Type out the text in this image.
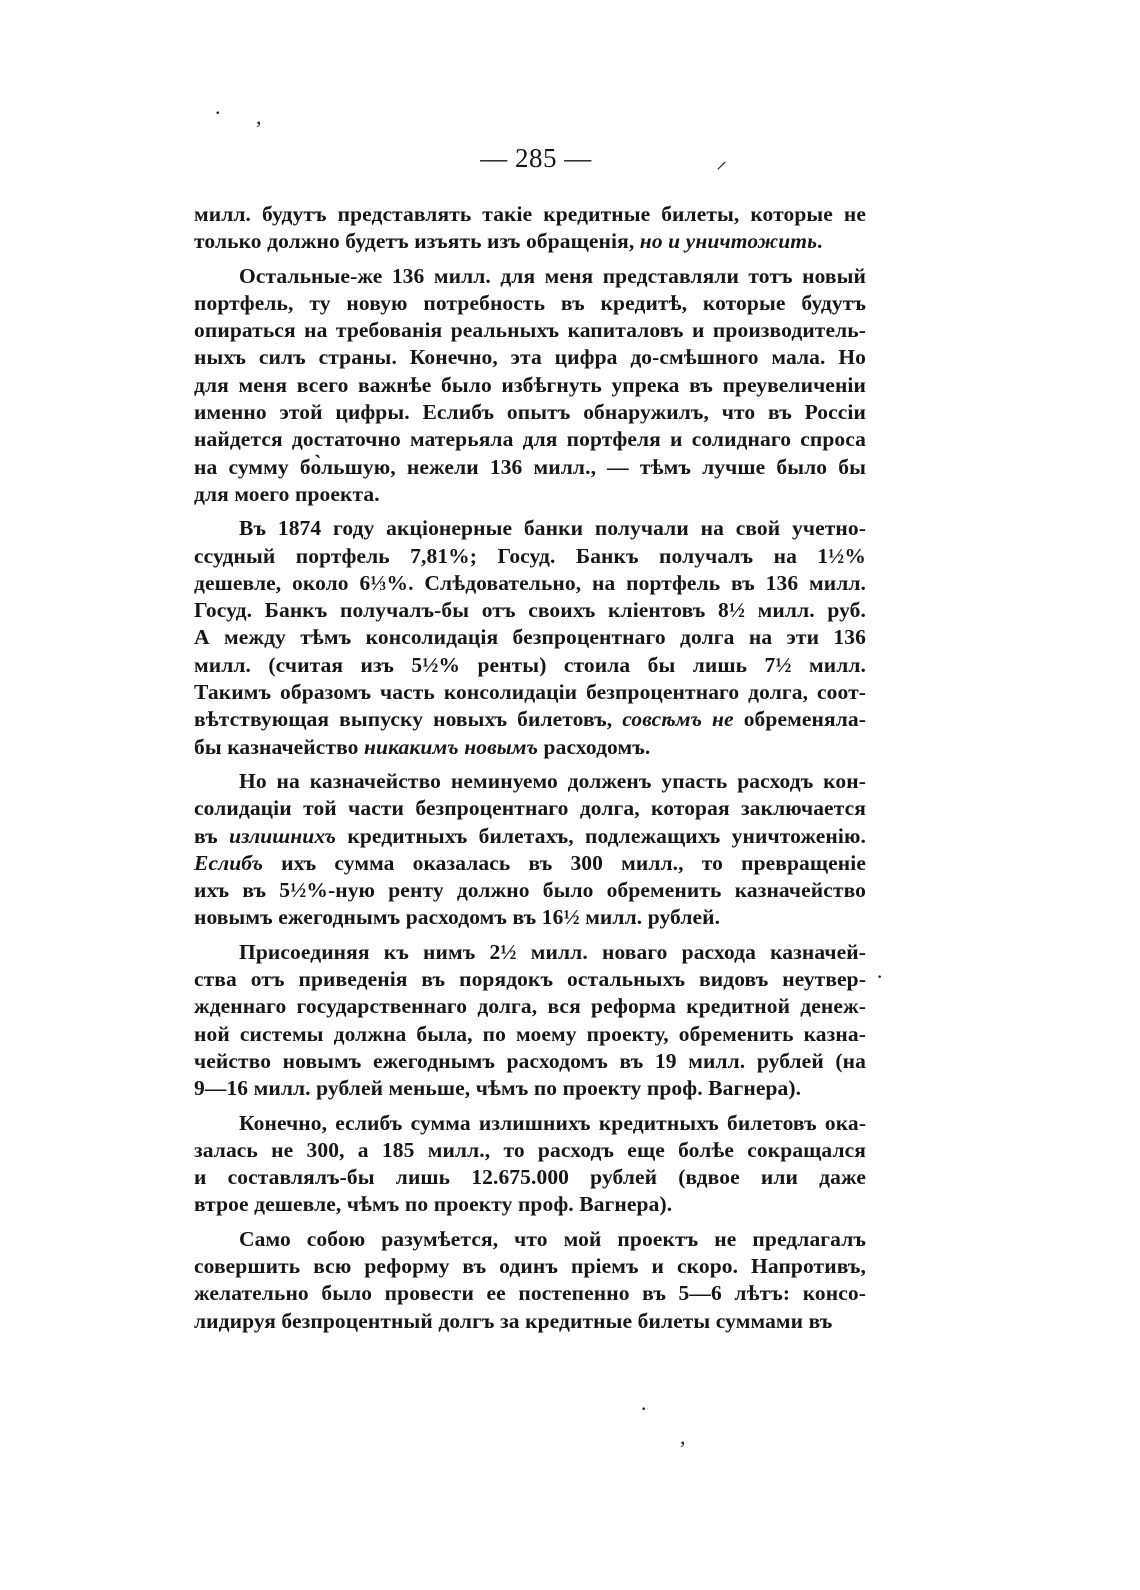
— 285 —
. ,
⸝
·
·
,
милл. будутъ представлять такіе кредитные билеты, которые не
только должно будетъ изъять изъ обращенія, но и уничтожить.
Остальные-же 136 милл. для меня представляли тотъ новый
портфель, ту новую потребность въ кредитѣ, которые будутъ
опираться на требованія реальныхъ капиталовъ и производитель-
ныхъ силъ страны. Конечно, эта цифра до-смѣшного мала. Но
для меня всего важнѣе было избѣгнуть упрека въ преувеличеніи
именно этой цифры. Еслибъ опытъ обнаружилъ, что въ Россіи
найдется достаточно матерьяла для портфеля и солиднаго спроса
на сумму бо̀льшую, нежели 136 милл., — тѣмъ лучше было бы
для моего проекта.
Въ 1874 году акціонерные банки получали на свой учетно-
ссудный портфель 7,81%; Госуд. Банкъ получалъ на 1½%
дешевле, около 6⅓%. Слѣдовательно, на портфель въ 136 милл.
Госуд. Банкъ получалъ-бы отъ своихъ кліентовъ 8½ милл. руб.
А между тѣмъ консолидація безпроцентнаго долга на эти 136
милл. (считая изъ 5½% ренты) стоила бы лишь 7½ милл.
Такимъ образомъ часть консолидаціи безпроцентнаго долга, соот-
вѣтствующая выпуску новыхъ билетовъ, совсѣмъ не обременяла-
бы казначейство никакимъ новымъ расходомъ.
Но на казначейство неминуемо долженъ упасть расходъ кон-
солидаціи той части безпроцентнаго долга, которая заключается
въ излишнихъ кредитныхъ билетахъ, подлежащихъ уничтоженію.
Еслибъ ихъ сумма оказалась въ 300 милл., то превращеніе
ихъ въ 5½%-ную ренту должно было обременить казначейство
новымъ ежегоднымъ расходомъ въ 16½ милл. рублей.
Присоединяя къ нимъ 2½ милл. новаго расхода казначей-
ства отъ приведенія въ порядокъ остальныхъ видовъ неутвер-
жденнаго государственнаго долга, вся реформа кредитной денеж-
ной системы должна была, по моему проекту, обременить казна-
чейство новымъ ежегоднымъ расходомъ въ 19 милл. рублей (на
9—16 милл. рублей меньше, чѣмъ по проекту проф. Вагнера).
Конечно, еслибъ сумма излишнихъ кредитныхъ билетовъ ока-
залась не 300, а 185 милл., то расходъ еще болѣе сокращался
и составлялъ-бы лишь 12.675.000 рублей (вдвое или даже
втрое дешевле, чѣмъ по проекту проф. Вагнера).
Само собою разумѣется, что мой проектъ не предлагалъ
совершить всю реформу въ одинъ пріемъ и скоро. Напротивъ,
желательно было провести ее постепенно въ 5—6 лѣтъ: консо-
лидируя безпроцентный долгъ за кредитные билеты суммами въ
